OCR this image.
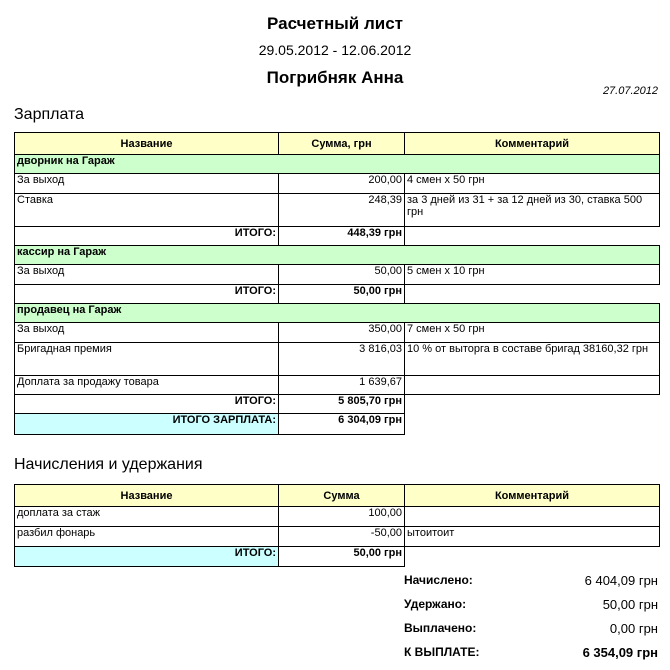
Расчетный лист
29.05.2012 - 12.06.2012
Погрибняк Анна
27.07.2012
Зарплата
Название	Сумма, грн	Комментарий
дворник на Гараж		
За выход	200,00	4 смен x 50 грн
Ставка	248,39	за 3 дней из 31 + за 12 дней из 30, ставка 500 грн
ИТОГО:	448,39 грн	
кассир на Гараж		
За выход	50,00	5 смен x 10 грн
ИТОГО:	50,00 грн	
продавец на Гараж		
За выход	350,00	7 смен x 50 грн
Бригадная премия	3 816,03	10 % от выторга в составе бригад 38160,32 грн
Доплата за продажу товара	1 639,67	
ИТОГО:	5 805,70 грн	
ИТОГО ЗАРПЛАТА:	6 304,09 грн	
Начисления и удержания
Название	Сумма	Комментарий
доплата за стаж	100,00	
разбил фонарь	-50,00	ытоитоит
ИТОГО:	50,00 грн	
Начислено:	6 404,09 грн
Удержано:	50,00 грн
Выплачено:	0,00 грн
К ВЫПЛАТЕ:	6 354,09 грн
